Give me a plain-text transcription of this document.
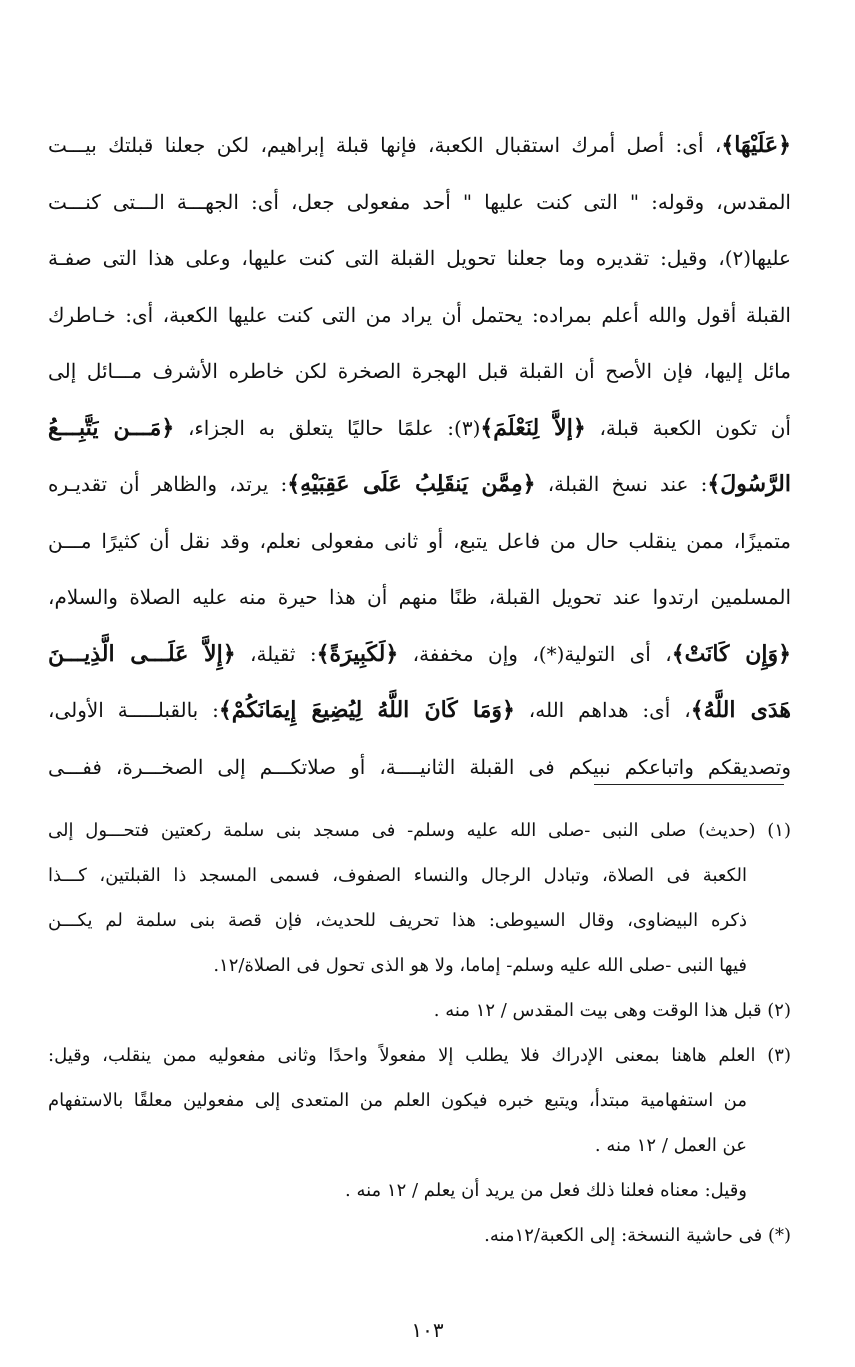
﴿عَلَيْهَا﴾، أى: أصل أمرك استقبال الكعبة، فإنها قبلة إبراهيم، لكن جعلنا قبلتك بيـــت
المقدس، وقوله: " التى كنت عليها " أحد مفعولى جعل، أى: الجهـــة الـــتى كنـــت
عليها(٢)، وقيل: تقديره وما جعلنا تحويل القبلة التى كنت عليها، وعلى هذا التى صفـة
القبلة أقول والله أعلم بمراده: يحتمل أن يراد من التى كنت عليها الكعبة، أى: خـاطرك
مائل إليها، فإن الأصح أن القبلة قبل الهجرة الصخرة لكن خاطره الأشرف مـــائل إلى
أن تكون الكعبة قبلة، ﴿إلاَّ لِنَعْلَمَ﴾(٣): علمًا حاليًا يتعلق به الجزاء، ﴿مَـــن يَتَّبِـــعُ
الرَّسُولَ﴾: عند نسخ القبلة، ﴿مِمَّن يَنقَلِبُ عَلَى عَقِبَيْهِ﴾: يرتد، والظاهر أن تقديـره
متميزًا، ممن ينقلب حال من فاعل يتبع، أو ثانى مفعولى نعلم، وقد نقل أن كثيرًا مـــن
المسلمين ارتدوا عند تحويل القبلة، ظنًا منهم أن هذا حيرة منه عليه الصلاة والسلام،
﴿وَإِن كَانَتْ﴾، أى التولية(*)، وإن مخففة، ﴿لَكَبِيرَةً﴾: ثقيلة، ﴿إِلاَّ عَلَـــى الَّذِيـــنَ
هَدَى اللَّهُ﴾، أى: هداهم الله، ﴿وَمَا كَانَ اللَّهُ لِيُضِيعَ إِيمَانَكُمْ﴾: بالقبلـــــة الأولى،
وتصديقكم واتباعكم نبيكم فى القبلة الثانيــــة، أو صلاتكـــم إلى الصخـــرة، ففـــى
(١) (حديث) صلى النبى -صلى الله عليه وسلم- فى مسجد بنى سلمة ركعتين فتحـــول إلى
الكعبة فى الصلاة، وتبادل الرجال والنساء الصفوف، فسمى المسجد ذا القبلتين، كـــذا
ذكره البيضاوى، وقال السيوطى: هذا تحريف للحديث، فإن قصة بنى سلمة لم يكـــن
فيها النبى -صلى الله عليه وسلم- إماما، ولا هو الذى تحول فى الصلاة/١٢.
(٢) قبل هذا الوقت وهى بيت المقدس / ١٢ منه .
(٣) العلم هاهنا بمعنى الإدراك فلا يطلب إلا مفعولاً واحدًا وثانى مفعوليه ممن ينقلب، وقيل:
من استفهامية مبتدأ، ويتبع خبره فيكون العلم من المتعدى إلى مفعولين معلقًا بالاستفهام
عن العمل / ١٢ منه .
وقيل: معناه فعلنا ذلك فعل من يريد أن يعلم / ١٢ منه .
(*) فى حاشية النسخة: إلى الكعبة/١٢منه.
١٠٣
